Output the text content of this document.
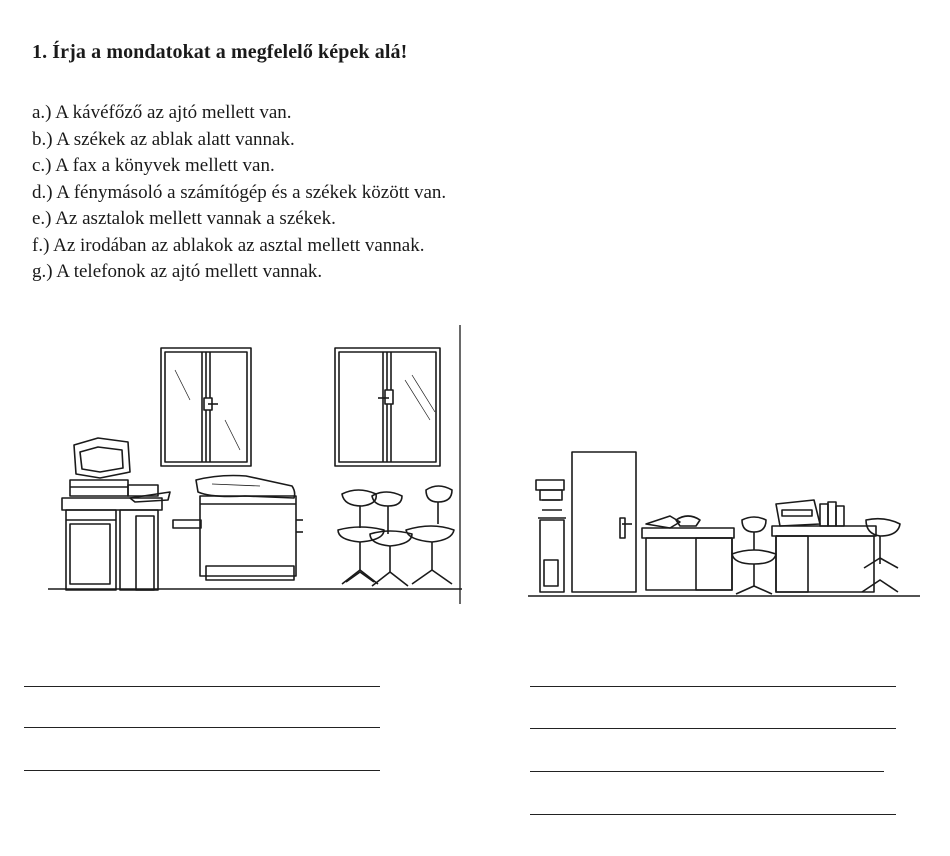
1. Írja a mondatokat a megfelelő képek alá!
a.) A kávéfőző az ajtó mellett van.
b.) A székek az ablak alatt vannak.
c.) A fax a könyvek mellett van.
d.) A fénymásoló a számítógép és a székek között van.
e.) Az asztalok mellett vannak a székek.
f.) Az irodában az ablakok az asztal mellett vannak.
g.) A telefonok az ajtó mellett vannak.
